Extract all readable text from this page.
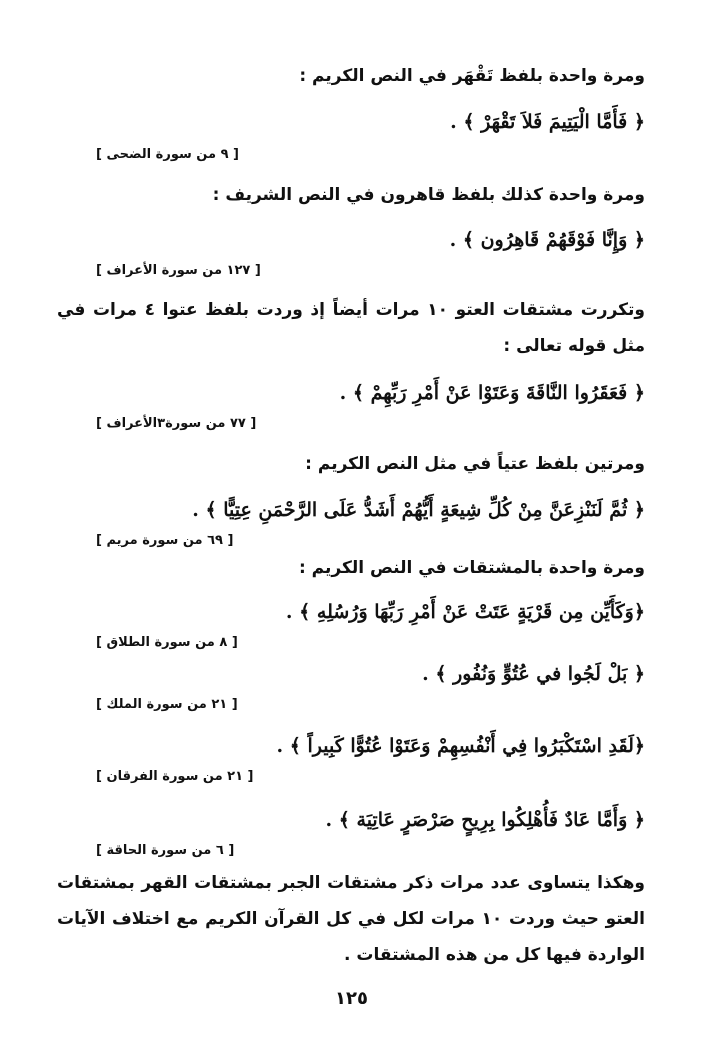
ومرة واحدة بلفظ تَقْهَر في النص الكريم :
﴿ فَأَمَّا الْيَتِيمَ فَلاَ تَقْهَرْ ﴾ .
[ ٩ من سورة الضحى ]
ومرة واحدة كذلك بلفظ قاهرون في النص الشريف :
﴿ وَإِنَّا فَوْقَهُمْ قَاهِرُون ﴾ .
[ ١٢٧ من سورة الأعراف ]
وتكررت مشتقات العتو ١٠ مرات أيضاً إذ وردت بلفظ عتوا ٤ مرات في مثل قوله تعالى :
﴿ فَعَقَرُوا النَّاقَةَ وَعَتَوْا عَنْ أَمْرِ رَبِّهِمْ ﴾ .
[ ٧٧ من سورة٣الأعراف ]
ومرتين بلفظ عتياً في مثل النص الكريم :
﴿ ثُمَّ لَنَنْزِعَنَّ مِنْ كُلِّ شِيعَةٍ أَيُّهُمْ أَشَدُّ عَلَى الرَّحْمَنِ عِتِيًّا ﴾ .
[ ٦٩ من سورة مريم ]
ومرة واحدة بالمشتقات في النص الكريم :
﴿وَكَأَيِّن مِن قَرْيَةٍ عَتَتْ عَنْ أَمْرِ رَبِّهَا وَرُسُلِهِ ﴾ .
[ ٨ من سورة الطلاق ]
﴿ بَلْ لَجُوا في عُتُوٍّ وَنُفُور ﴾ .
[ ٢١ من سورة الملك ]
﴿لَقَدِ اسْتَكْبَرُوا فِي أَنْفُسِهِمْ وَعَتَوْا عُتُوًّا كَبِيراً ﴾ .
[ ٢١ من سورة الفرقان ]
﴿ وَأَمَّا عَادٌ فَأُهْلِكُوا بِرِيحٍ صَرْصَرٍ عَاتِيَة ﴾ .
[ ٦ من سورة الحاقة ]
وهكذا يتساوى عدد مرات ذكر مشتقات الجبر بمشتقات القهر بمشتقات العتو حيث وردت ١٠ مرات لكل في كل القرآن الكريم مع اختلاف الآيات الواردة فيها كل من هذه المشتقات .
١٢٥
